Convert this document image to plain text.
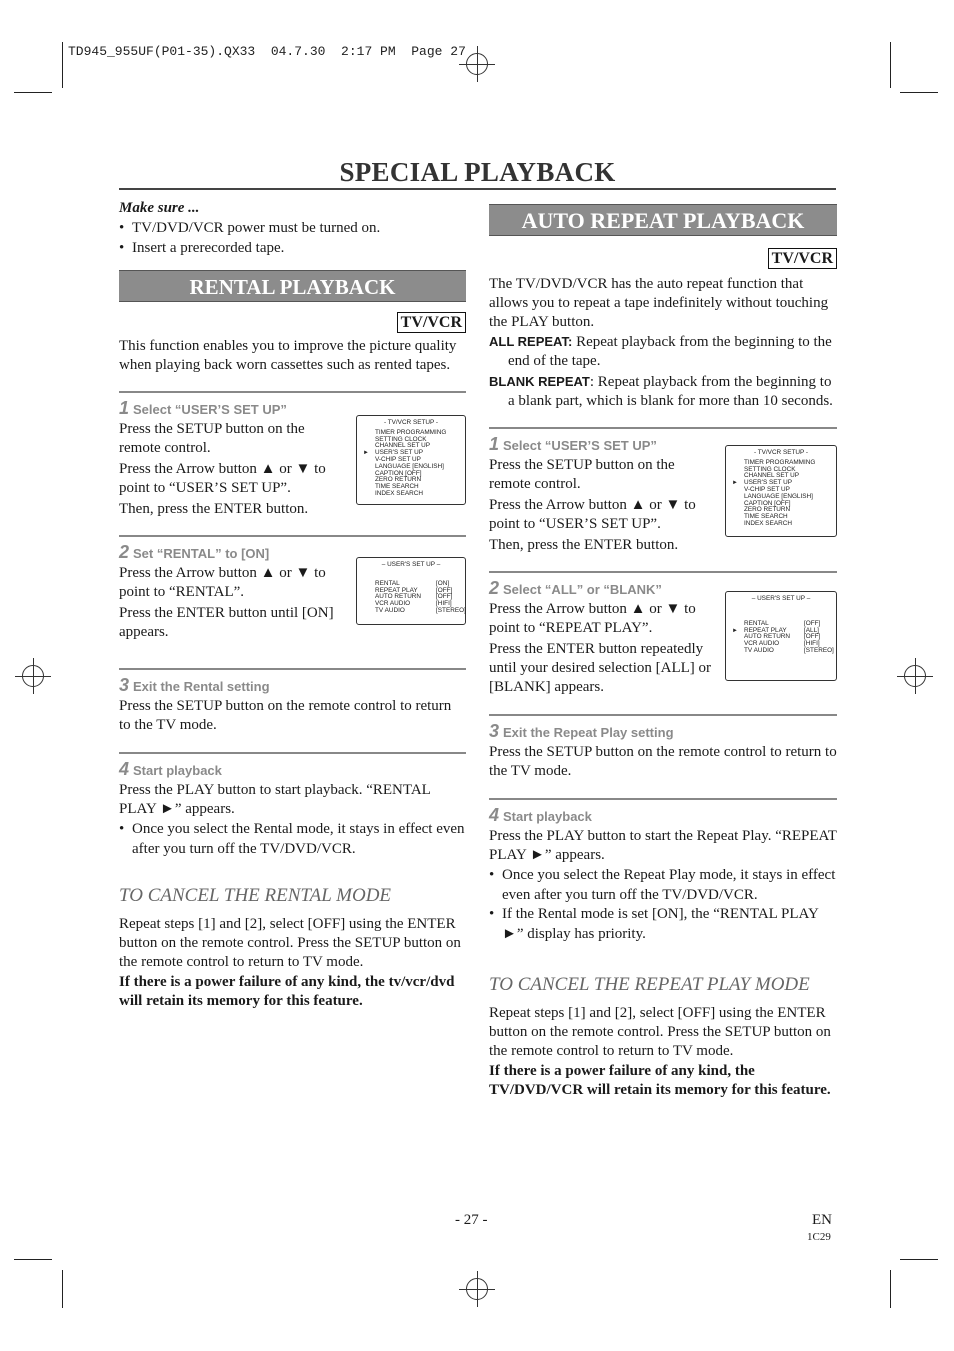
TD945_955UF(P01-35).QX33  04.7.30  2:17 PM  Page 27
SPECIAL PLAYBACK
Make sure ...
• TV/DVD/VCR power must be turned on.
• Insert a prerecorded tape.
RENTAL PLAYBACK
TV/VCR

This function enables you to improve the picture quality when playing back worn cassettes such as rented tapes.

1 Select “USER’S SET UP”

Press the SETUP button on the remote control.

Press the Arrow button ▲ or ▼ to point to “USER’S SET UP”.

Then, press the ENTER button.

- TV/VCR SETUP -
TIMER PROGRAMMING
SETTING CLOCK
CHANNEL SET UP
► USER'S SET UP
V-CHIP SET UP
LANGUAGE [ENGLISH]
CAPTION [OFF]
ZERO RETURN
TIME SEARCH
INDEX SEARCH
2 Set “RENTAL” to [ON]

Press the Arrow button ▲ or ▼ to point to “RENTAL”.

Press the ENTER button until [ON] appears.

– USER'S SET UP –
RENTAL	[ON]
REPEAT PLAY	[OFF]
AUTO RETURN [OFF]
VCR AUDIO	[HIFI]
TV AUDIO	[STEREO]
3 Exit the Rental setting

Press the SETUP button on the remote control to return to the TV mode.

4 Start playback

Press the PLAY button to start playback. “RENTAL PLAY ►” appears.

• Once you select the Rental mode, it stays in effect even after you turn off the TV/DVD/VCR.
TO CANCEL THE RENTAL MODE

Repeat steps [1] and [2], select [OFF] using the ENTER button on the remote control. Press the SETUP button on the remote control to return to TV mode.

If there is a power failure of any kind, the tv/vcr/dvd will retain its memory for this feature.

AUTO REPEAT PLAYBACK
TV/VCR

The TV/DVD/VCR has the auto repeat function that allows you to repeat a tape indefinitely without touching the PLAY button.

ALL REPEAT: Repeat playback from the beginning to the end of the tape.

BLANK REPEAT: Repeat playback from the beginning to a blank part, which is blank for more than 10 seconds.

1 Select “USER’S SET UP”

Press the SETUP button on the remote control.

Press the Arrow button ▲ or ▼ to point to “USER’S SET UP”.

Then, press the ENTER button.

- TV/VCR SETUP -
TIMER PROGRAMMING
SETTING CLOCK
CHANNEL SET UP
► USER'S SET UP
V-CHIP SET UP
LANGUAGE [ENGLISH]
CAPTION [OFF]
ZERO RETURN
TIME SEARCH
INDEX SEARCH
2 Select “ALL” or “BLANK”

Press the Arrow button ▲ or ▼ to point to “REPEAT PLAY”.

Press the ENTER button repeatedly until your desired selection [ALL] or [BLANK] appears.

– USER'S SET UP –
RENTAL	[OFF]
► REPEAT PLAY	[ALL]
AUTO RETURN [OFF]
VCR AUDIO	[HIFI]
TV AUDIO	[STEREO]
3 Exit the Repeat Play setting

Press the SETUP button on the remote control to return to the TV mode.

4 Start playback

Press the PLAY button to start the Repeat Play. “REPEAT PLAY ►” appears.

• Once you select the Repeat Play mode, it stays in effect even after you turn off the TV/DVD/VCR.
• If the Rental mode is set [ON], the “RENTAL PLAY ►” display has priority.
TO CANCEL THE REPEAT PLAY MODE

Repeat steps [1] and [2], select [OFF] using the ENTER button on the remote control. Press the SETUP button on the remote control to return to TV mode.

If there is a power failure of any kind, the TV/DVD/VCR will retain its memory for this feature.

- 27 -	EN
1C29
